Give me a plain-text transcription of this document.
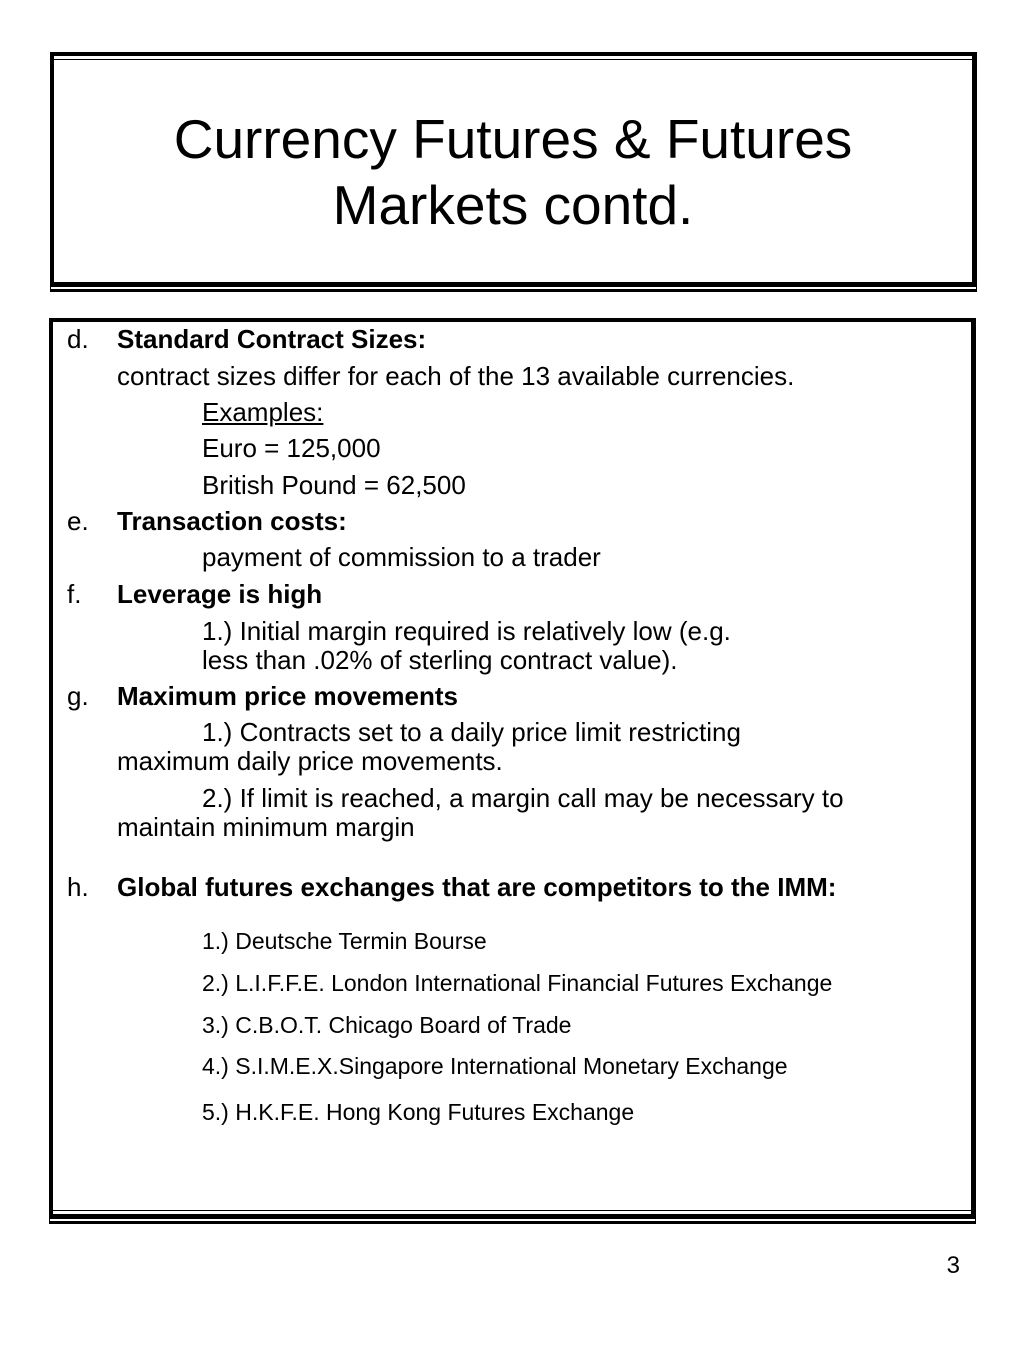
Currency Futures & Futures
Markets contd.
d. Standard Contract Sizes:
contract sizes differ for each of the 13 available currencies.
Examples:
Euro = 125,000
British Pound = 62,500
e. Transaction costs:
payment of commission to a trader
f. Leverage is high
1.) Initial margin required is relatively low (e.g.
less than .02% of sterling contract value).
g. Maximum price movements
1.) Contracts set to a daily price limit restricting
maximum daily price movements.
2.) If limit is reached, a margin call may be necessary to
maintain minimum margin
h. Global futures exchanges that are competitors to the IMM:
1.) Deutsche Termin Bourse
2.) L.I.F.F.E. London International Financial Futures Exchange
3.) C.B.O.T. Chicago Board of Trade
4.) S.I.M.E.X.Singapore International Monetary Exchange
5.) H.K.F.E. Hong Kong Futures Exchange
3
